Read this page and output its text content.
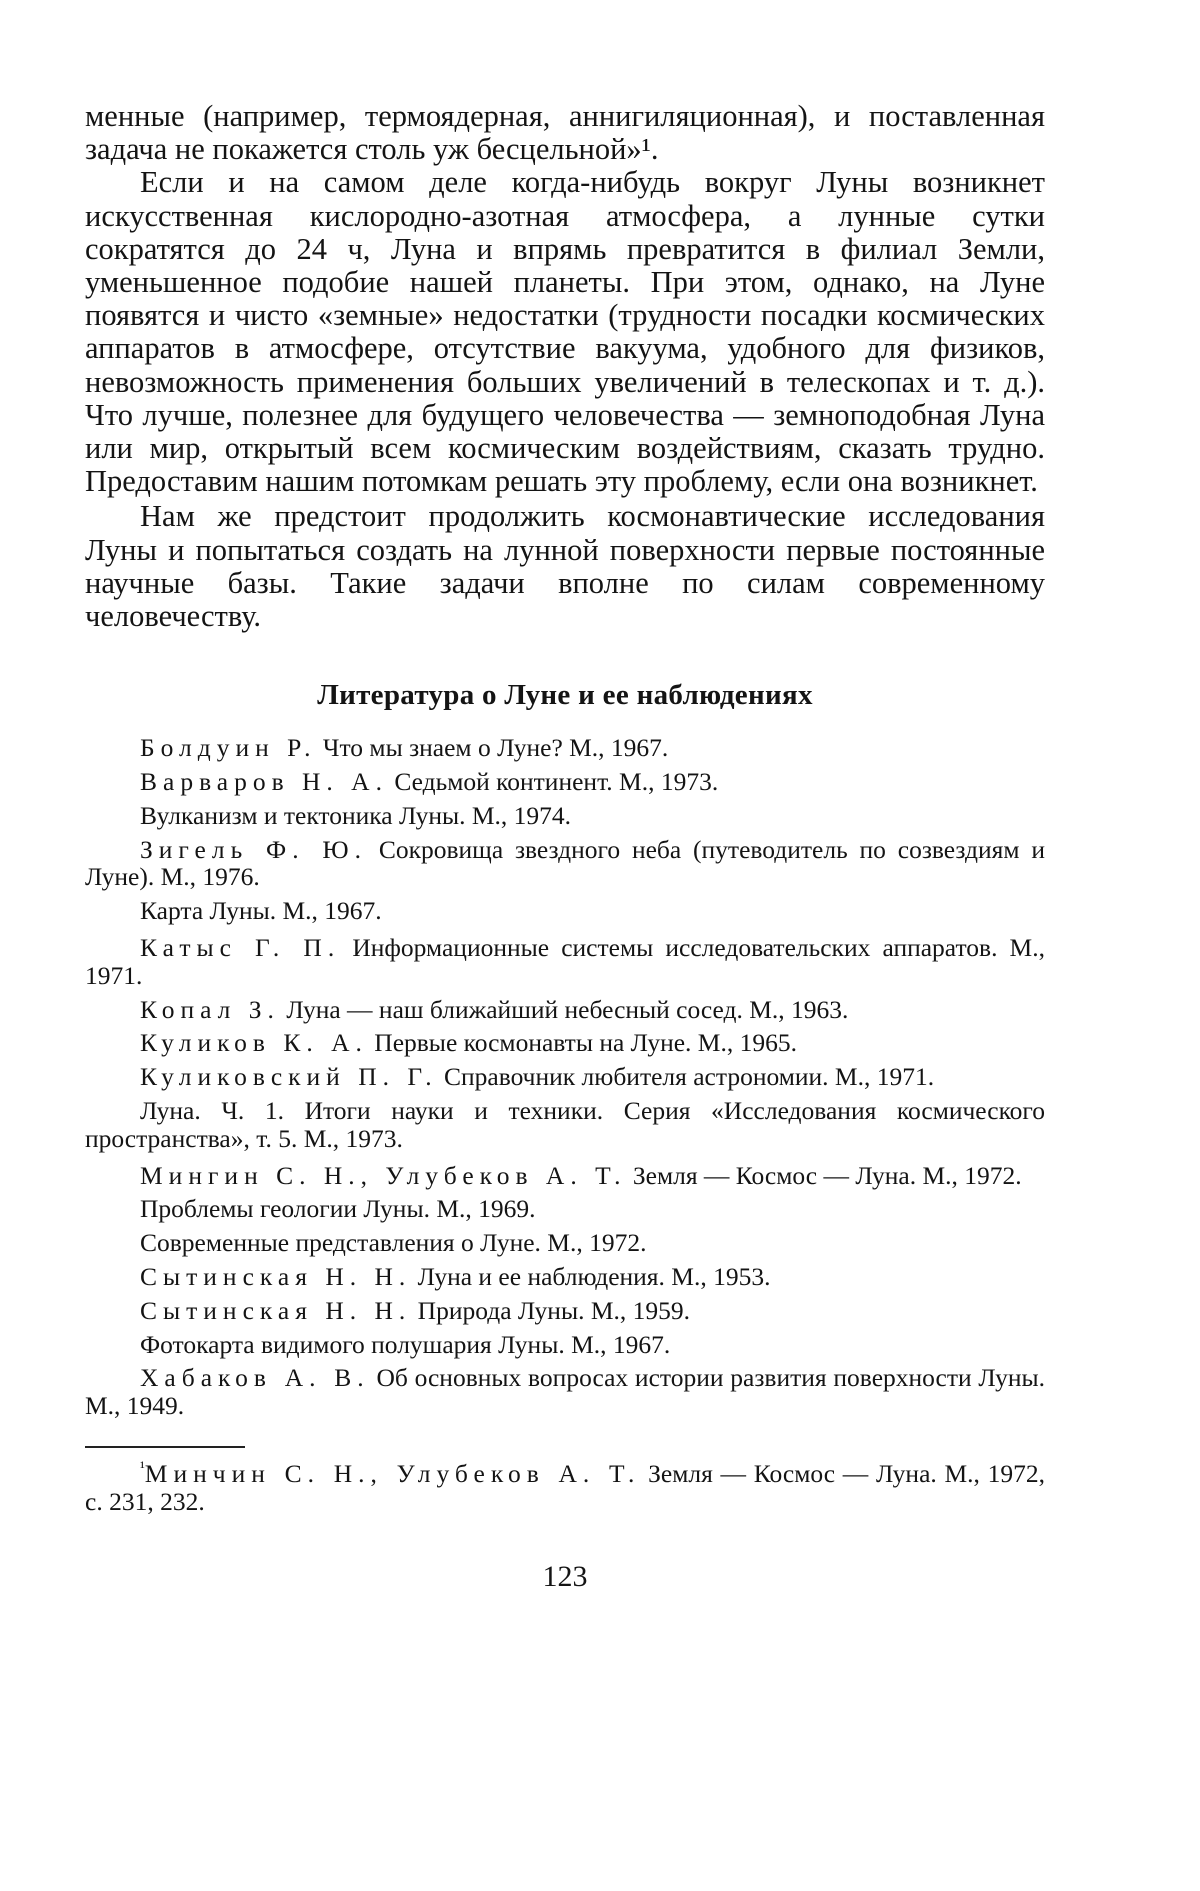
менные (например, термоядерная, аннигиляционная), и поставленная задача не покажется столь уж бесцельной»¹.

Если и на самом деле когда-нибудь вокруг Луны возникнет искусственная кислородно-азотная атмосфера, а лунные сутки сократятся до 24 ч, Луна и впрямь превратится в филиал Земли, уменьшенное подобие нашей планеты. При этом, однако, на Луне появятся и чисто «земные» недостатки (трудности посадки космических аппаратов в атмосфере, отсутствие вакуума, удобного для физиков, невозможность применения больших увеличений в телескопах и т. д.). Что лучше, полезнее для будущего человечества — земноподобная Луна или мир, открытый всем космическим воздействиям, сказать трудно. Предоставим нашим потомкам решать эту проблему, если она возникнет.

Нам же предстоит продолжить космонавтические исследования Луны и попытаться создать на лунной поверхности первые постоянные научные базы. Такие задачи вполне по силам современному человечеству.

Литература о Луне и ее наблюдениях
Болдуин Р. Что мы знаем о Луне? М., 1967.
Варваров Н. А. Седьмой континент. М., 1973.
Вулканизм и тектоника Луны. М., 1974.
Зигель Ф. Ю. Сокровища звездного неба (путеводитель по созвездиям и Луне). М., 1976.
Карта Луны. М., 1967.
Катыс Г. П. Информационные системы исследовательских аппаратов. М., 1971.
Копал З. Луна — наш ближайший небесный сосед. М., 1963.
Куликов К. А. Первые космонавты на Луне. М., 1965.
Куликовский П. Г. Справочник любителя астрономии. М., 1971.
Луна. Ч. 1. Итоги науки и техники. Серия «Исследования космического пространства», т. 5. М., 1973.
Мингин С. Н., Улубеков А. Т. Земля — Космос — Луна. М., 1972.
Проблемы геологии Луны. М., 1969.
Современные представления о Луне. М., 1972.
Сытинская Н. Н. Луна и ее наблюдения. М., 1953.
Сытинская Н. Н. Природа Луны. М., 1959.
Фотокарта видимого полушария Луны. М., 1967.
Хабаков А. В. Об основных вопросах истории развития поверхности Луны. М., 1949.

$^{^1}$Минчин С. Н., Улубеков А. Т. Земля — Космос — Луна. М., 1972, с. 231, 232.

123
